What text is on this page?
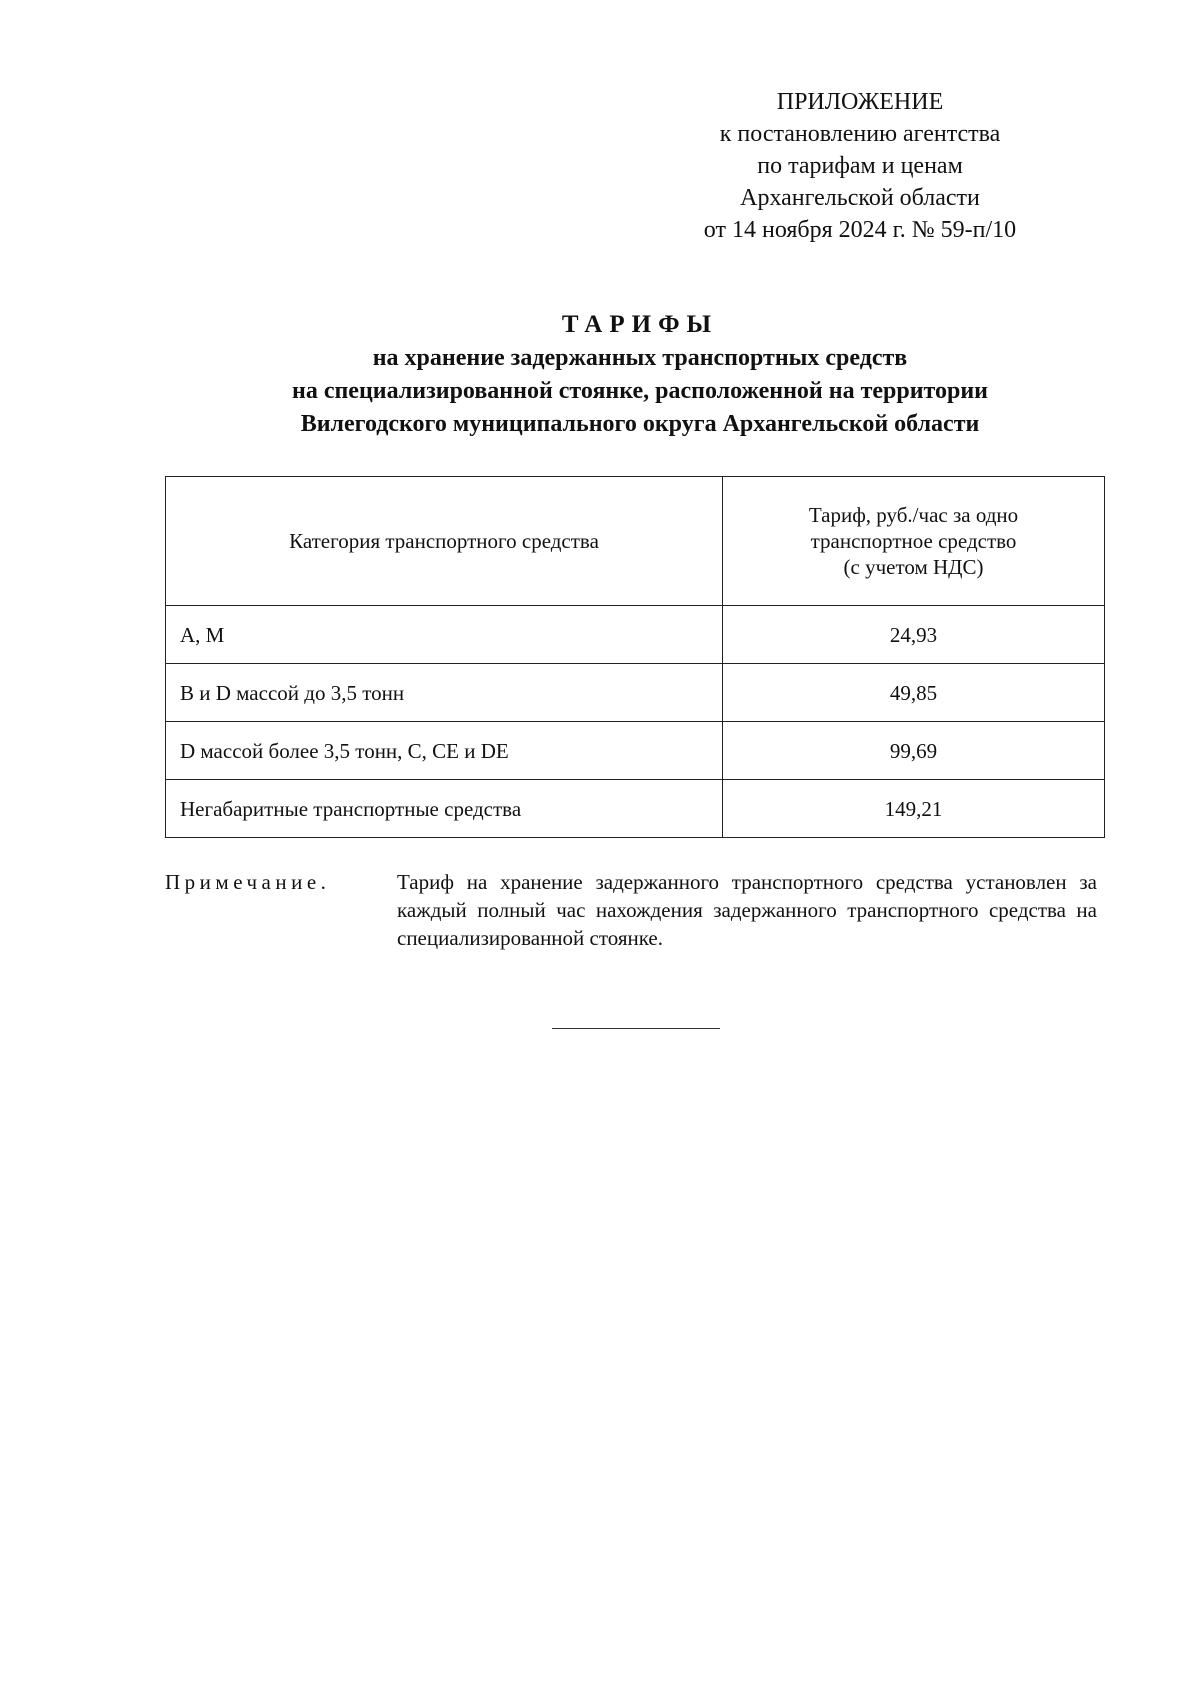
ПРИЛОЖЕНИЕ
к постановлению агентства
по тарифам и ценам
Архангельской области
от 14 ноября 2024 г. № 59-п/10
ТАРИФЫ
на хранение задержанных транспортных средств
на специализированной стоянке, расположенной на территории
Вилегодского муниципального округа Архангельской области
Категория транспортного средства	Тариф, руб./час за одно
транспортное средство
(с учетом НДС)

А, М	24,93
В и D массой до 3,5 тонн	49,85
D массой более 3,5 тонн, С, СЕ и DE	99,69
Негабаритные транспортные средства	149,21
Примечание.	Тариф на хранение задержанного транспортного средства установлен за каждый полный час нахождения задержанного транспортного средства на специализированной стоянке.
